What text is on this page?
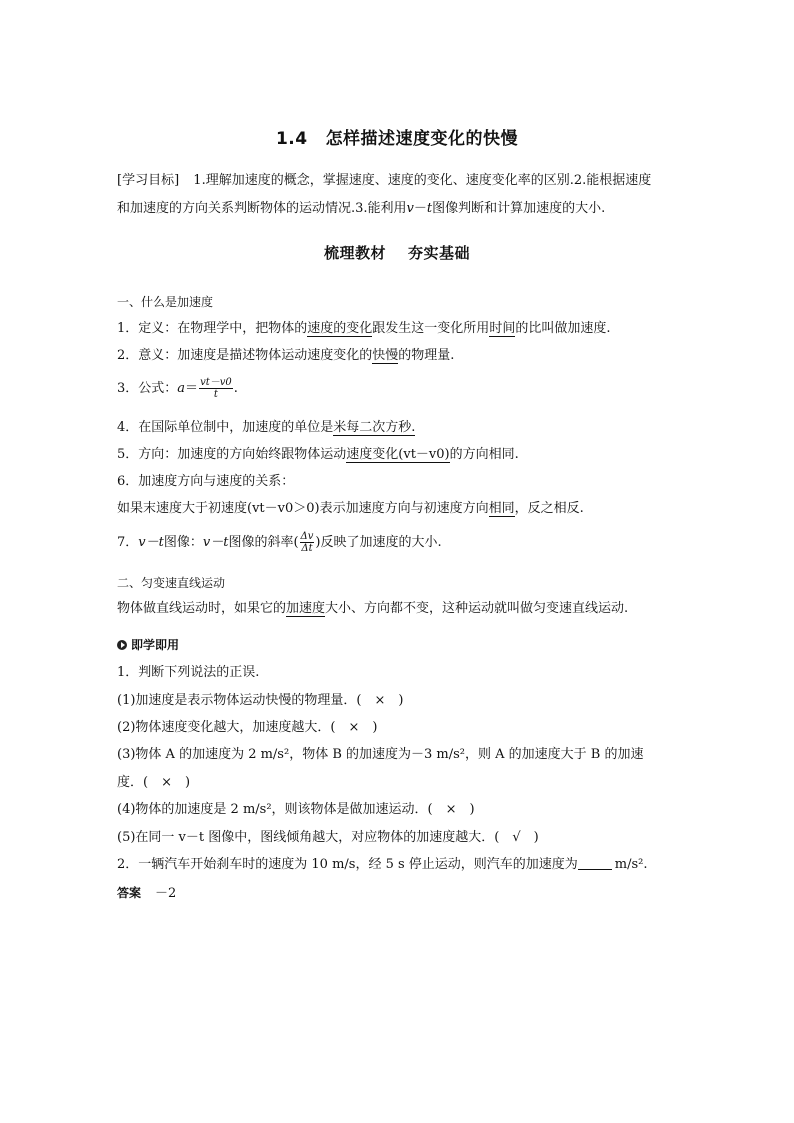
1.4 怎样描述速度变化的快慢
[学习目标] 1.理解加速度的概念，掌握速度、速度的变化、速度变化率的区别.2.能根据速度
和加速度的方向关系判断物体的运动情况.3.能利用v－t图像判断和计算加速度的大小.
梳理教材 夯实基础
一、什么是加速度
1．定义：在物理学中，把物体的速度的变化跟发生这一变化所用时间的比叫做加速度.
2．意义：加速度是描述物体运动速度变化的快慢的物理量.
3．公式：$a= \frac{vt-v0}{t}$ .
4．在国际单位制中，加速度的单位是米每二次方秒.
5．方向：加速度的方向始终跟物体运动速度变化(vt－v0)的方向相同.
6．加速度方向与速度的关系：
如果末速度大于初速度(vt－v0＞0)表示加速度方向与初速度方向相同，反之相反.
7．v－t图像：v－t图像的斜率( $\frac{\Delta v}{\Delta t}$ )反映了加速度的大小.
二、匀变速直线运动
物体做直线运动时，如果它的加速度大小、方向都不变，这种运动就叫做匀变速直线运动.
即学即用
1．判断下列说法的正误.
(1)加速度是表示物体运动快慢的物理量．(　×　)
(2)物体速度变化越大，加速度越大．(　×　)
(3)物体 A 的加速度为 2 m/s²，物体 B 的加速度为－3 m/s²，则 A 的加速度大于 B 的加速
度．(　×　)
(4)物体的加速度是 2 m/s²，则该物体是做加速运动．(　×　)
(5)在同一 v－t 图像中，图线倾角越大，对应物体的加速度越大．(　√　)
2．一辆汽车开始刹车时的速度为 10 m/s，经 5 s 停止运动，则汽车的加速度为	m/s².
答案 －2
